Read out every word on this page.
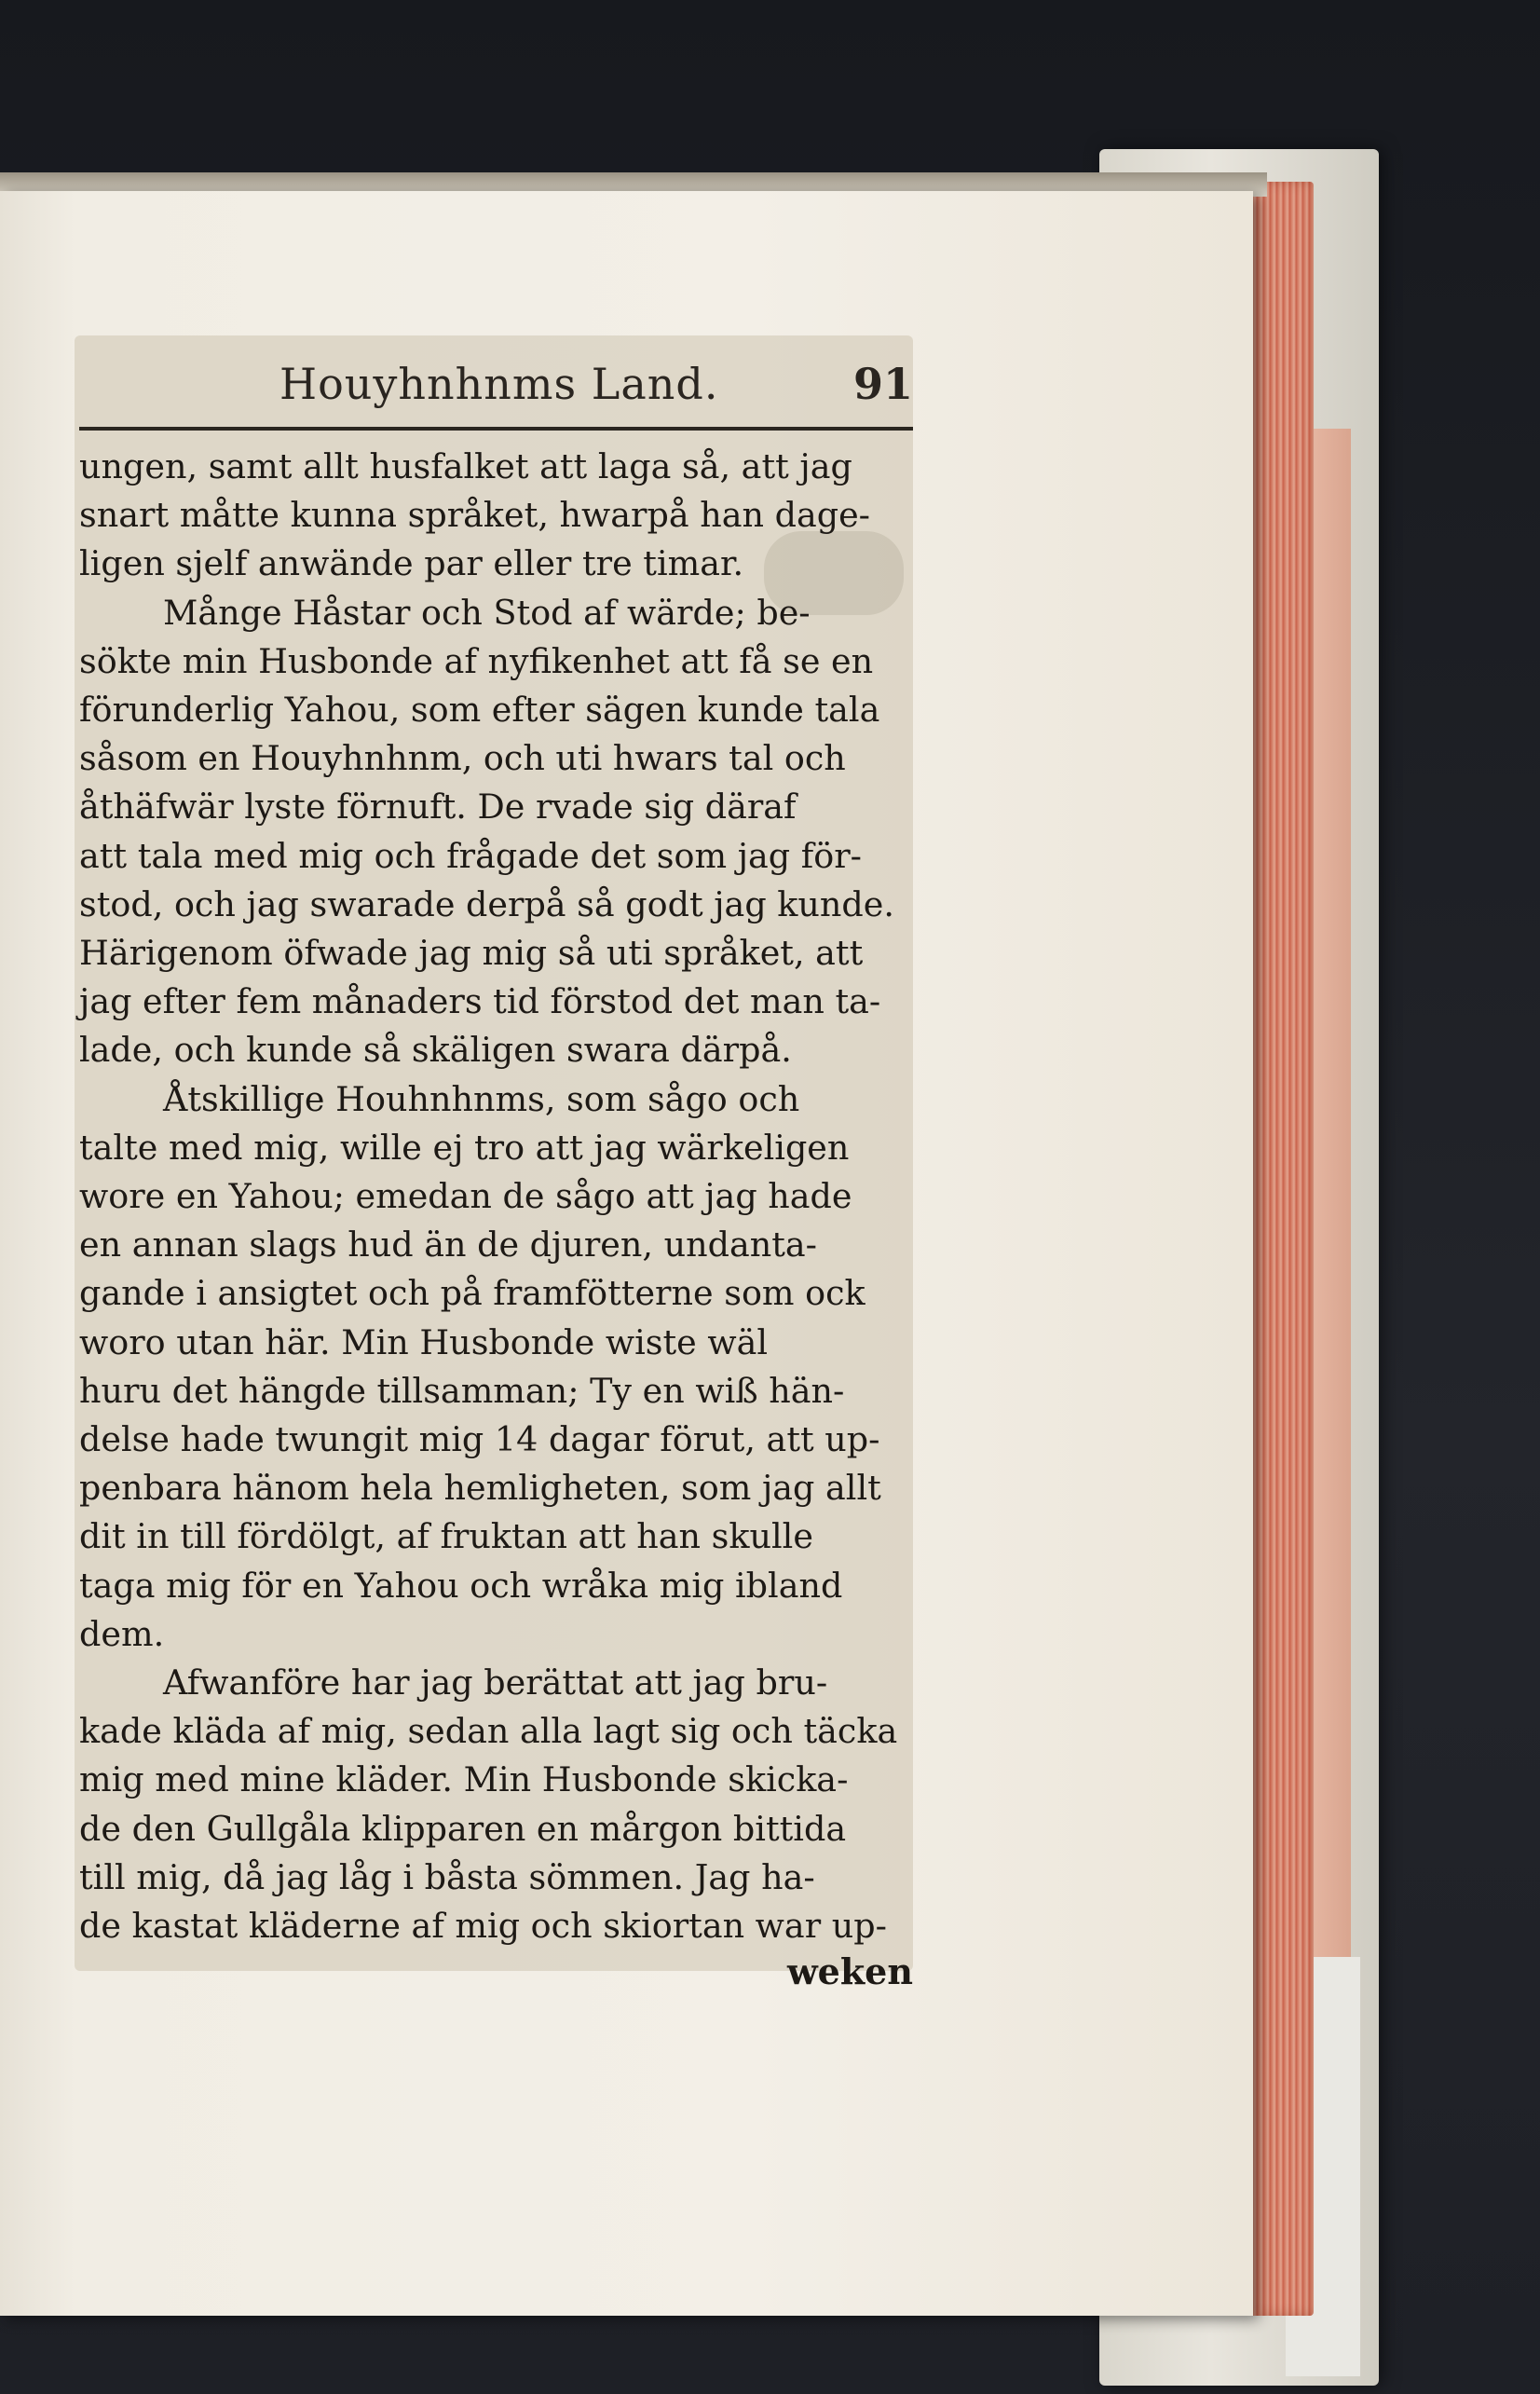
Houyhnhnms Land.	91

ungen, samt allt husfalket att laga så, att jag

snart måtte kunna språket, hwarpå han dage-

ligen sjelf anwände par eller tre timar.

Månge Håstar och Stod af wärde; be-

sökte min Husbonde af nyfikenhet att få se en

förunderlig Yahou, som efter sägen kunde tala

såsom en Houyhnhnm, och uti hwars tal och

åthäfwär lyste förnuft. De rvade sig däraf

att tala med mig och frågade det som jag för-

stod, och jag swarade derpå så godt jag kunde.

Härigenom öfwade jag mig så uti språket, att

jag efter fem månaders tid förstod det man ta-

lade, och kunde så skäligen swara därpå.

Åtskillige Houhnhnms, som sågo och

talte med mig, wille ej tro att jag wärkeligen

wore en Yahou; emedan de sågo att jag hade

en annan slags hud än de djuren, undanta-

gande i ansigtet och på framfötterne som ock

woro utan här. Min Husbonde wiste wäl

huru det hängde tillsamman; Ty en wiß hän-

delse hade twungit mig 14 dagar förut, att up-

penbara hänom hela hemligheten, som jag allt

dit in till fördölgt, af fruktan att han skulle

taga mig för en Yahou och wråka mig ibland

dem.

Afwanförе har jag berättat att jag bru-

kade kläda af mig, sedan alla lagt sig och täcka

mig med mine kläder. Min Husbonde skicka-

de den Gullgåla klipparen en mårgon bittida

till mig, då jag låg i båsta sömmen. Jag ha-

de kastat kläderne af mig och skiortan war up-

weken
